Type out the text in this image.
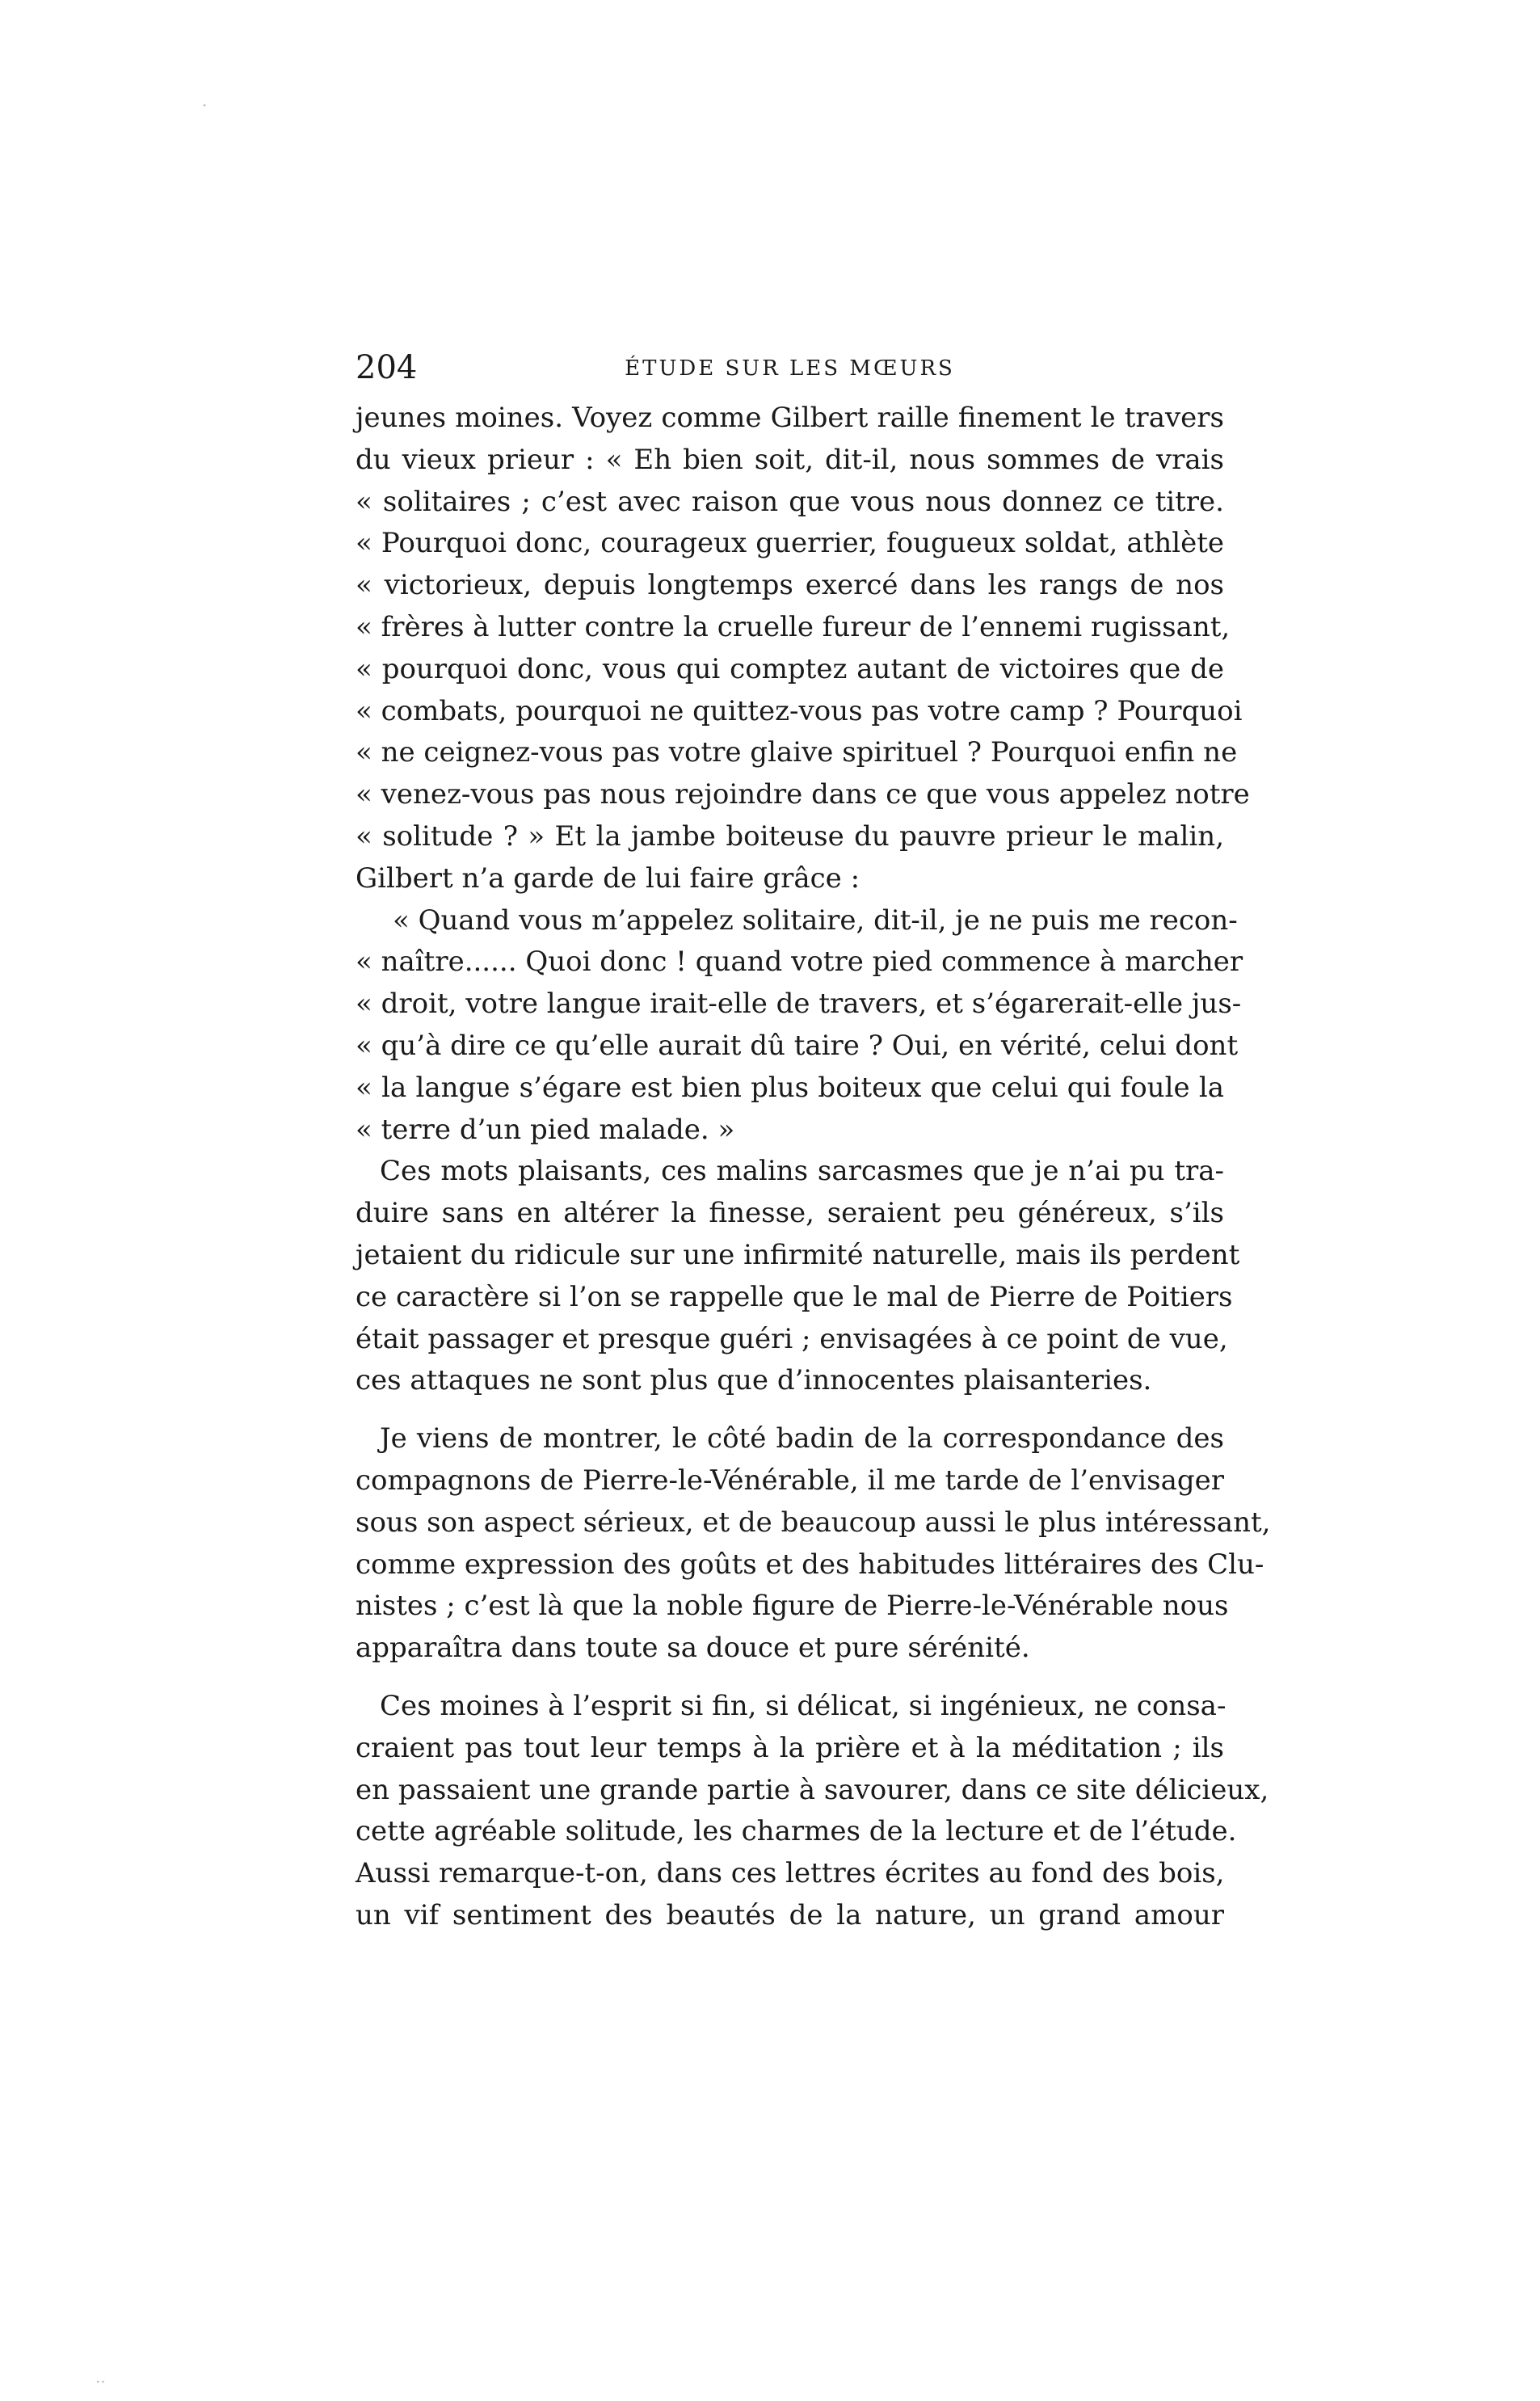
204	ÉTUDE SUR LES MŒURS
jeunes moines. Voyez comme Gilbert raille finement le travers
du vieux prieur : « Eh bien soit, dit-il, nous sommes de vrais
« solitaires ; c’est avec raison que vous nous donnez ce titre.
« Pourquoi donc, courageux guerrier, fougueux soldat, athlète
« victorieux, depuis longtemps exercé dans les rangs de nos
« frères à lutter contre la cruelle fureur de l’ennemi rugissant,
« pourquoi donc, vous qui comptez autant de victoires que de
« combats, pourquoi ne quittez-vous pas votre camp ? Pourquoi
« ne ceignez-vous pas votre glaive spirituel ? Pourquoi enfin ne
« venez-vous pas nous rejoindre dans ce que vous appelez notre
« solitude ? » Et la jambe boiteuse du pauvre prieur le malin,
Gilbert n’a garde de lui faire grâce :
« Quand vous m’appelez solitaire, dit-il, je ne puis me recon-
« naître...... Quoi donc ! quand votre pied commence à marcher
« droit, votre langue irait-elle de travers, et s’égarerait-elle jus-
« qu’à dire ce qu’elle aurait dû taire ? Oui, en vérité, celui dont
« la langue s’égare est bien plus boiteux que celui qui foule la
« terre d’un pied malade. »
Ces mots plaisants, ces malins sarcasmes que je n’ai pu tra-
duire sans en altérer la finesse, seraient peu généreux, s’ils
jetaient du ridicule sur une infirmité naturelle, mais ils perdent
ce caractère si l’on se rappelle que le mal de Pierre de Poitiers
était passager et presque guéri ; envisagées à ce point de vue,
ces attaques ne sont plus que d’innocentes plaisanteries.
Je viens de montrer, le côté badin de la correspondance des
compagnons de Pierre-le-Vénérable, il me tarde de l’envisager
sous son aspect sérieux, et de beaucoup aussi le plus intéressant,
comme expression des goûts et des habitudes littéraires des Clu-
nistes ; c’est là que la noble figure de Pierre-le-Vénérable nous
apparaîtra dans toute sa douce et pure sérénité.
Ces moines à l’esprit si fin, si délicat, si ingénieux, ne consa-
craient pas tout leur temps à la prière et à la méditation ; ils
en passaient une grande partie à savourer, dans ce site délicieux,
cette agréable solitude, les charmes de la lecture et de l’étude.
Aussi remarque-t-on, dans ces lettres écrites au fond des bois,
un vif sentiment des beautés de la nature, un grand amour
·
··
